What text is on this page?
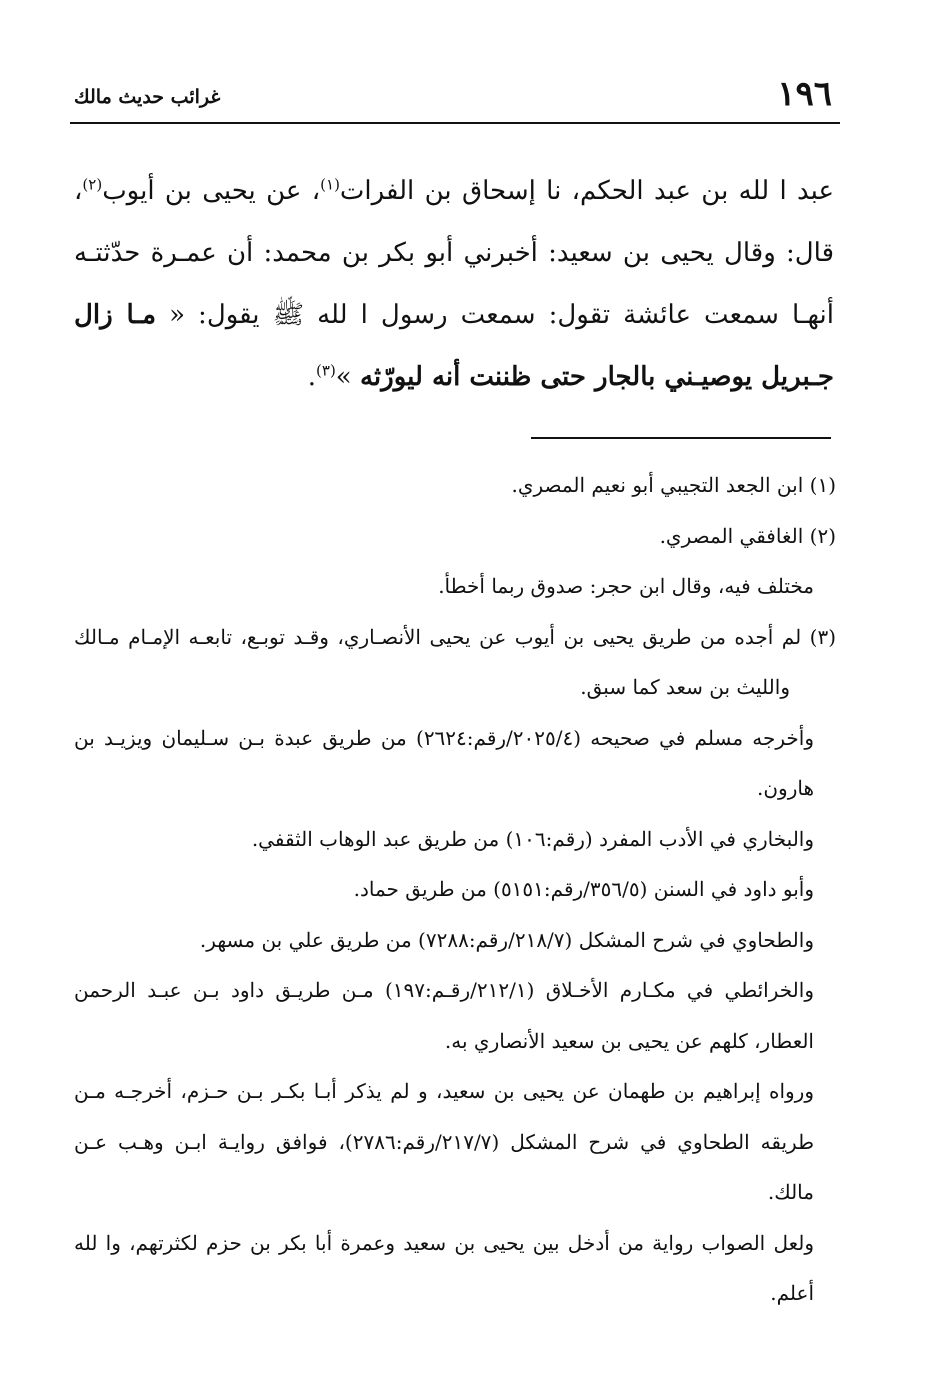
١٩٦
غرائب حديث مالك

عبد ا لله بن عبد الحكم، نا إسحاق بن الفرات$^{(١)}$، عن يحيى بن أيوب$^{(٢)}$، قال: وقال يحيى بن سعيد: أخبرني أبو بكر بن محمد: أن عمـرة حدّثتـه أنهـا سمعت عائشة تقول: سمعت رسول ا لله ﷺ يقول: « مـا زال جـبريل يوصيـني بالجار حتى ظننت أنه ليورّثه »$^{(٣)}$.

(١) ابن الجعد التجيبي أبو نعيم المصري.

(٢) الغافقي المصري.

مختلف فيه، وقال ابن حجر: صدوق ربما أخطأ.

(٣) لم أجده من طريق يحيى بن أيوب عن يحيى الأنصـاري، وقـد توبـع، تابعـه الإمـام مـالك والليث بن سعد كما سبق.

وأخرجه مسلم في صحيحه (٢٠٢٥/٤/رقم:٢٦٢٤) من طريق عبدة بـن سـليمان ويزيـد بن هارون.

والبخاري في الأدب المفرد (رقم:١٠٦) من طريق عبد الوهاب الثقفي.

وأبو داود في السنن (٣٥٦/٥/رقم:٥١٥١) من طريق حماد.

والطحاوي في شرح المشكل (٢١٨/٧/رقم:٧٢٨٨) من طريق علي بن مسهر.

والخرائطي في مكـارم الأخـلاق (٢١٢/١/رقـم:١٩٧) مـن طريـق داود بـن عبـد الرحمن العطار، كلهم عن يحيى بن سعيد الأنصاري به.

ورواه إبراهيم بن طهمان عن يحيى بن سعيد، و لم يذكر أبـا بكـر بـن حـزم، أخرجـه مـن طريقه الطحاوي في شرح المشكل (٢١٧/٧/رقم:٢٧٨٦)، فوافق روايـة ابـن وهـب عـن مالك.

ولعل الصواب رواية من أدخل بين يحيى بن سعيد وعمرة أبا بكر بن حزم لكثرتهم، وا لله أعلم.
